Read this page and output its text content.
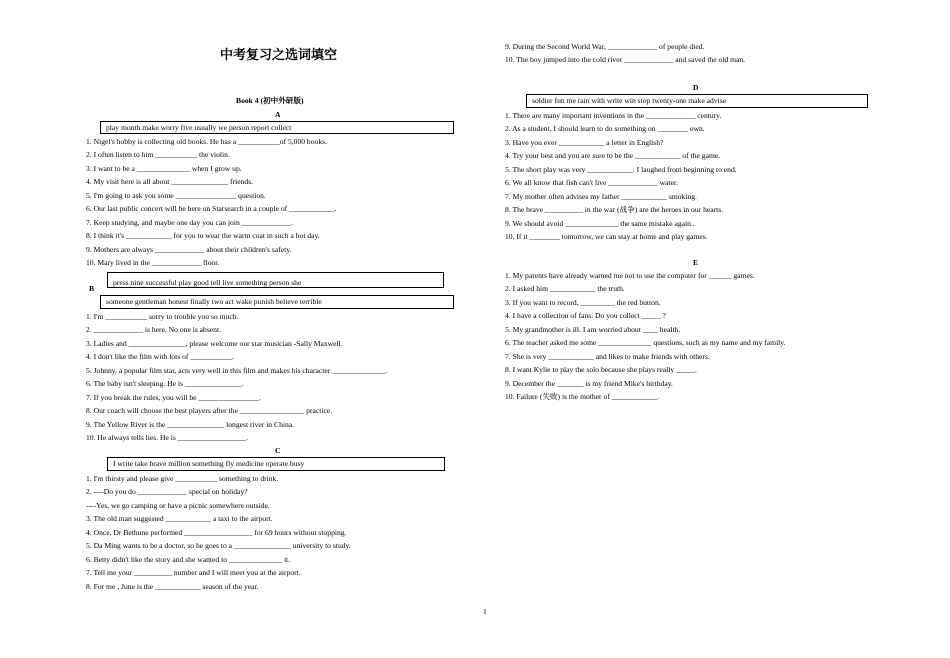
中考复习之选词填空
Book 4 (初中外研版)
A
play month make worry five usually we person report collect
1. Nigel's hobby is collecting old books. He has a ___________of 5,000 books.
2. I often listen to him ___________ the violin.
3. I want to be a ______________ when I grow up.
4. My visit here is all about _______________ friends.
5. I'm going to ask you some ________________ question.
6. Our last public concert will be here on Starsearch in a couple of ____________.
7. Keep studying, and maybe one day you can join _____________.
8. I think it's ____________ for you to wear the warm coat in such a hot day.
9. Mothers are always _____________ about their children's safety.
10. Mary lived in the _____________ floor.
press nine successful play good tell live something person she
B
someone gentleman honest finally two act wake punish believe terrible
1. I'm ___________ sorry to trouble you so much.
2. _____________ is here. No one is absent.
3. Ladies and _______________, please welcome our star musician -Sally Maxwell.
4. I don't like the film with lots of ___________.
5. Johnny, a popular film star, acts very well in this film and makes his character ______________.
6. The baby isn't sleeping. He is _______________.
7. If you break the rules, you will be ________________.
8. Our coach will choose the best players after the _________________ practice.
9. The Yellow River is the _______________ longest river in China.
10. He always tells lies. He is __________________.
C
I write take brave million something fly medicine operate busy
1. I'm thirsty and please give ___________ something to drink.
2. ----Do you do _____________ special on holiday?
----Yes, we go camping or have a picnic somewhere outside.
3. The old man suggested ____________ a taxi to the airport.
4. Once, Dr Bethune performed __________________ for 69 hours without stopping.
5. Da Ming wants to be a doctor, so he goes to a _______________ university to study.
6. Betty didn't like the story and she wanted to ______________ it.
7. Tell me your __________ number and I will meet you at the airport.
8. For me , June is the ____________ season of the year.
9. During the Second World War, _____________ of people died.
10. The boy jumped into the cold river _____________ and saved the old man.
D
soldier fun me rain with write win stop twenty-one make advise
1. There are many important inventions in the _____________ century.
2. As a student, I should learn to do something on ________ own.
3. Have you ever ____________ a letter in English?
4. Try your best and you are sure to be the ____________ of the game.
5. The short play was very ____________. I laughed from beginning to end.
6. We all know that fish can't live _____________ water.
7. My mother often advises my father ____________ smoking.
8. The brave __________ in the war (战争) are the heroes in our hearts.
9. We should avoid ______________ the same mistake again..
10. If it ________ tomorrow, we can stay at home and play games.
E
1. My parents have already warned me not to use the computer for ______ games.
2. I asked him ____________ the truth.
3. If you want to record, _________ the red button.
4. I have a collection of fans. Do you collect _____ ?
5. My grandmother is ill. I am worried about ____ health.
6. The teacher asked me some ______________ questions, such as my name and my family.
7. She is very ____________ and likes to make friends with others.
8. I want Kylie to play the solo because she plays really _____.
9. December the _______ is my friend Mike's birthday.
10. Failure (失败) is the mother of ____________.
1
